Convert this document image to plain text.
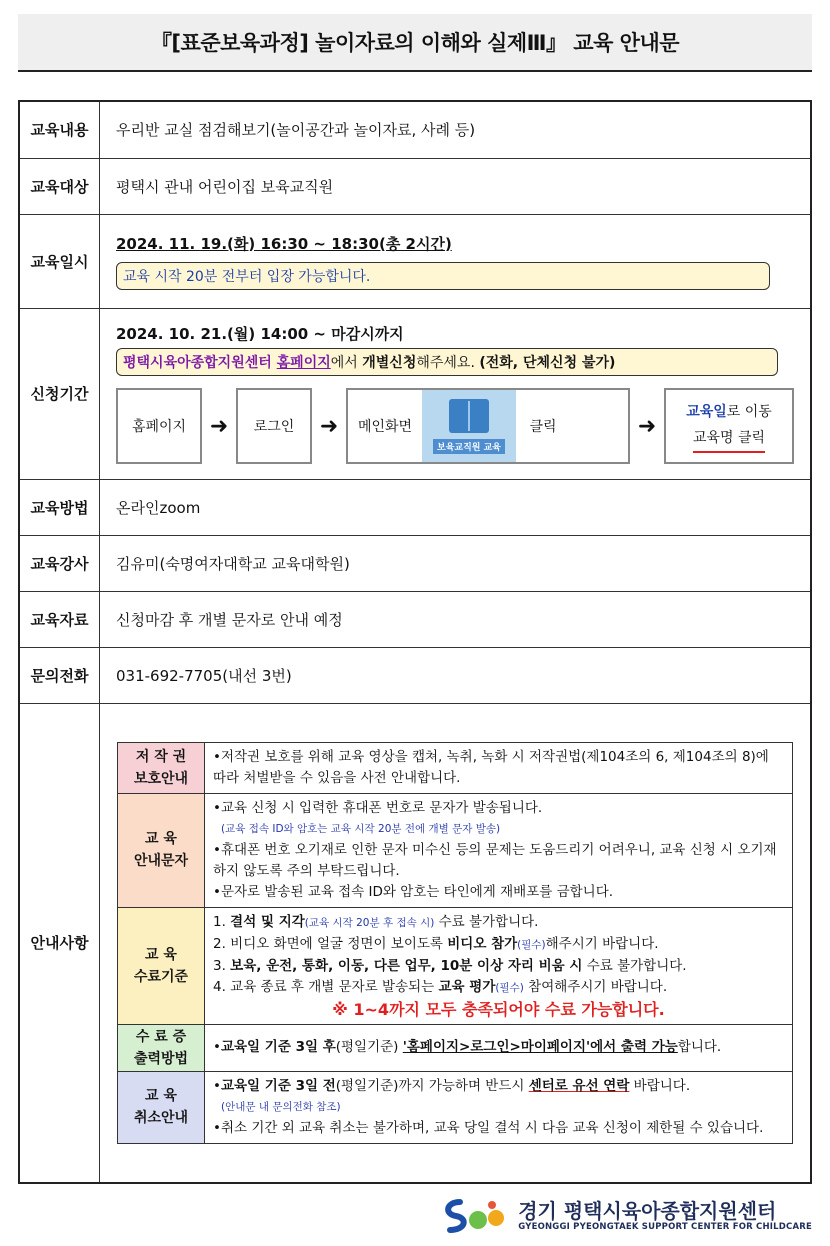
『[표준보육과정] 놀이자료의 이해와 실제Ⅲ』 교육 안내문
교육내용	우리반 교실 점검해보기(놀이공간과 놀이자료, 사례 등)
교육대상	평택시 관내 어린이집 보육교직원
교육일시	
2024. 11. 19.(화) 16:30 ~ 18:30(총 2시간)
교육 시작 20분 전부터 입장 가능합니다.

신청기간	
2024. 10. 21.(월) 14:00 ~ 마감시까지
평택시육아종합지원센터 홈페이지에서 개별신청해주세요. (전화, 단체신청 불가)
홈페이지	➜	로그인	➜	메인화면
보육교직원 교육
클릭	➜
교육일로 이동
교육명 클릭

교육방법	온라인zoom
교육강사	김유미(숙명여자대학교 교육대학원)
교육자료	신청마감 후 개별 문자로 안내 예정
문의전화	031-692-7705(내선 3번)
안내사항	
저 작 권
보호안내
	•저작권 보호를 위해 교육 영상을 캡쳐, 녹취, 녹화 시 저작권법(제104조의 6, 제104조의 8)에 따라 처벌받을 수 있음을 사전 안내합니다.

교 육
안내문자

•교육 신청 시 입력한 휴대폰 번호로 문자가 발송됩니다.
(교육 접속 ID와 암호는 교육 시작 20분 전에 개별 문자 발송)
•휴대폰 번호 오기재로 인한 문자 미수신 등의 문제는 도움드리기 어려우니, 교육 신청 시 오기재하지 않도록 주의 부탁드립니다.
•문자로 발송된 교육 접속 ID와 암호는 타인에게 재배포를 금합니다.

교 육
수료기준

1. 결석 및 지각(교육 시작 20분 후 접속 시) 수료 불가합니다.
2. 비디오 화면에 얼굴 정면이 보이도록 비디오 참가(필수)해주시기 바랍니다.
3. 보육, 운전, 통화, 이동, 다른 업무, 10분 이상 자리 비움 시 수료 불가합니다.
4. 교육 종료 후 개별 문자로 발송되는 교육 평가(필수) 참여해주시기 바랍니다.
※ 1~4까지 모두 충족되어야 수료 가능합니다.

수 료 증
출력방법
	•교육일 기준 3일 후(평일기준) '홈페이지>로그인>마이페이지'에서 출력 가능합니다.

교 육
취소안내

•교육일 기준 3일 전(평일기준)까지 가능하며 반드시 센터로 유선 연락 바랍니다.
(안내문 내 문의전화 참조)
•취소 기간 외 교육 취소는 불가하며, 교육 당일 결석 시 다음 교육 신청이 제한될 수 있습니다.
경기 평택시육아종합지원센터
GYEONGGI PYEONGTAEK SUPPORT CENTER FOR CHILDCARE
